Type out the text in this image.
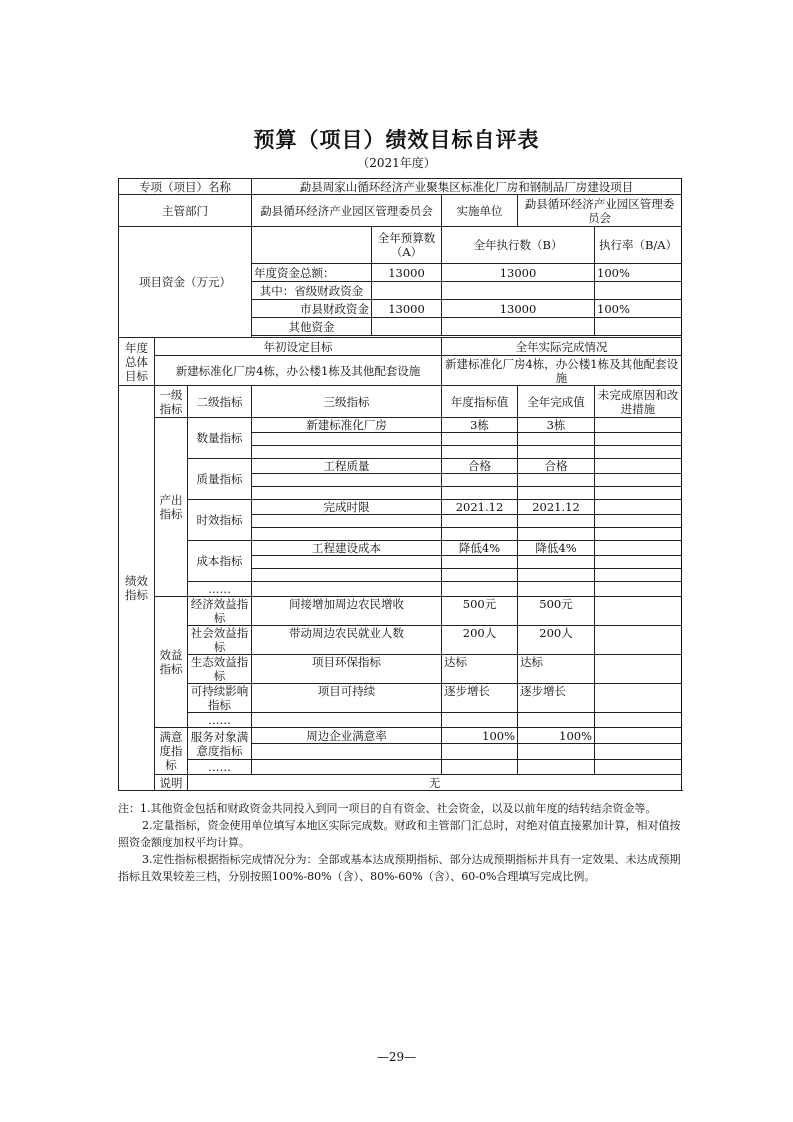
预算（项目）绩效目标自评表
（2021年度）
专项（项目）名称			勐县周家山循环经济产业聚集区标准化厂房和钢制品厂房建设项目				
主管部门			勐县循环经济产业园区管理委员会		实施单位	勐县循环经济产业园区管理委员会	
项目资金（万元）				全年预算数（A）	全年执行数（B）		执行率（B/A）
			年度资金总额：	13000	13000		100%
			其中：省级财政资金				
			市县财政资金	13000	13000		100%
			其他资金				

年度总体目标	年初设定目标				全年实际完成情况		
	新建标准化厂房4栋，办公楼1栋及其他配套设施				新建标准化厂房4栋，办公楼1栋及其他配套设施		
绩效指标	一级指标	二级指标	三级指标		年度指标值	全年完成值	未完成原因和改进措施
	产出指标	数量指标	新建标准化厂房		3栋	3栋	

		质量指标	工程质量		合格	合格	

		时效指标	完成时限		2021.12	2021.12	

		成本指标	工程建设成本		降低4%	降低4%	

		……					
	效益指标	经济效益指标	间接增加周边农民增收		500元	500元	
		社会效益指标	带动周边农民就业人数		200人	200人	
		生态效益指标	项目环保指标		达标	达标	
		可持续影响指标	项目可持续		逐步增长	逐步增长	
		……					
	满意度指标	服务对象满意度指标	周边企业满意率		100%	100%	

		……					
	说明	无					

注：1.其他资金包括和财政资金共同投入到同一项目的自有资金、社会资金，以及以前年度的结转结余资金等。

2.定量指标，资金使用单位填写本地区实际完成数。财政和主管部门汇总时，对绝对值直接累加计算，相对值按照资金额度加权平均计算。

3.定性指标根据指标完成情况分为：全部或基本达成预期指标、部分达成预期指标并具有一定效果、未达成预期指标且效果较差三档，分别按照100%-80%（含）、80%-60%（含）、60-0%合理填写完成比例。

—29—
